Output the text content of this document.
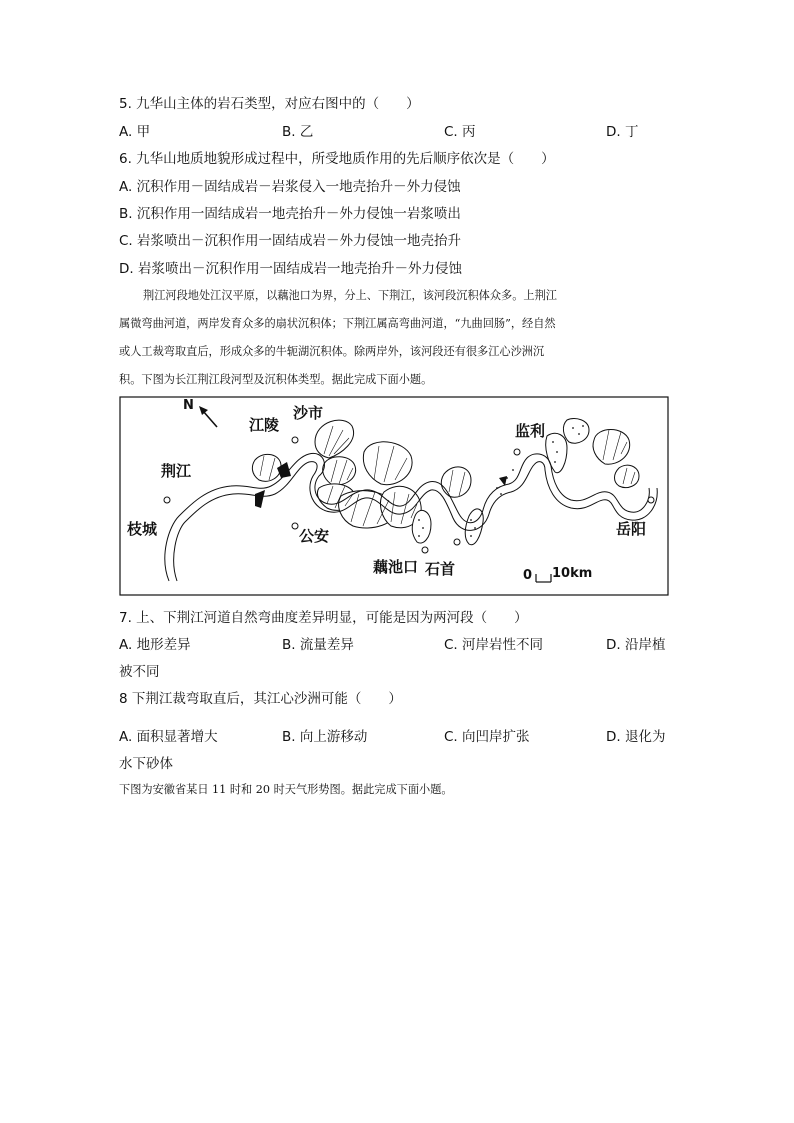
5. 九华山主体的岩石类型，对应右图中的（　　）
A. 甲	B. 乙	C. 丙	D. 丁
6. 九华山地质地貌形成过程中，所受地质作用的先后顺序依次是（　　）
A. 沉积作用－固结成岩－岩浆侵入一地壳抬升－外力侵蚀
B. 沉积作用一固结成岩一地壳抬升－外力侵蚀一岩浆喷出
C. 岩浆喷出－沉积作用一固结成岩－外力侵蚀一地壳抬升
D. 岩浆喷出－沉积作用一固结成岩一地壳抬升－外力侵蚀
荆江河段地处江汉平原，以藕池口为界，分上、下荆江，该河段沉积体众多。上荆江
属微弯曲河道，两岸发育众多的扇状沉积体；下荆江属高弯曲河道，“九曲回肠”，经自然
或人工裁弯取直后，形成众多的牛轭湖沉积体。除两岸外，该河段还有很多江心沙洲沉
积。下图为长江荆江段河型及沉积体类型。据此完成下面小题。
N
江陵
沙市
荆江
枝城	公安
藕池口 石首
监利
岳阳
0 10km
7. 上、下荆江河道自然弯曲度差异明显，可能是因为两河段（　　）
A. 地形差异	B. 流量差异	C. 河岸岩性不同	D. 沿岸植
被不同
8 下荆江裁弯取直后，其江心沙洲可能（　　）
A. 面积显著增大	B. 向上游移动	C. 向凹岸扩张	D. 退化为
水下砂体
下图为安徽省某日 11 时和 20 时天气形势图。据此完成下面小题。
